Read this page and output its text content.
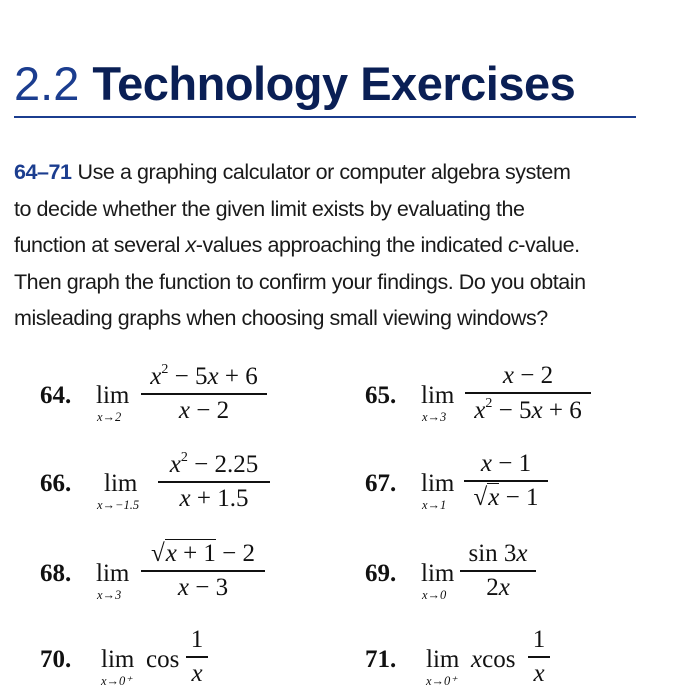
2.2 Technology Exercises
64–71 Use a graphing calculator or computer algebra system
to decide whether the given limit exists by evaluating the
function at several x-values approaching the indicated c-value.
Then graph the function to confirm your findings. Do you obtain
misleading graphs when choosing small viewing windows?
64. lim
x→2
$x^2 - 5x + 6$
x − 2
65. lim
x→3
x − 2
$x^2 - 5x + 6$
66. lim
x→−1.5
$x^2 - 2.25$
x + 1.5
67. lim
x→1
x − 1
√x − 1
68. lim
x→3
√x + 1 − 2
x − 3	69. lim
x→0
sin 3x
2x
70. lim
x→0⁺
cos
1
x	71. lim
x→0⁺
xcos
1
x
